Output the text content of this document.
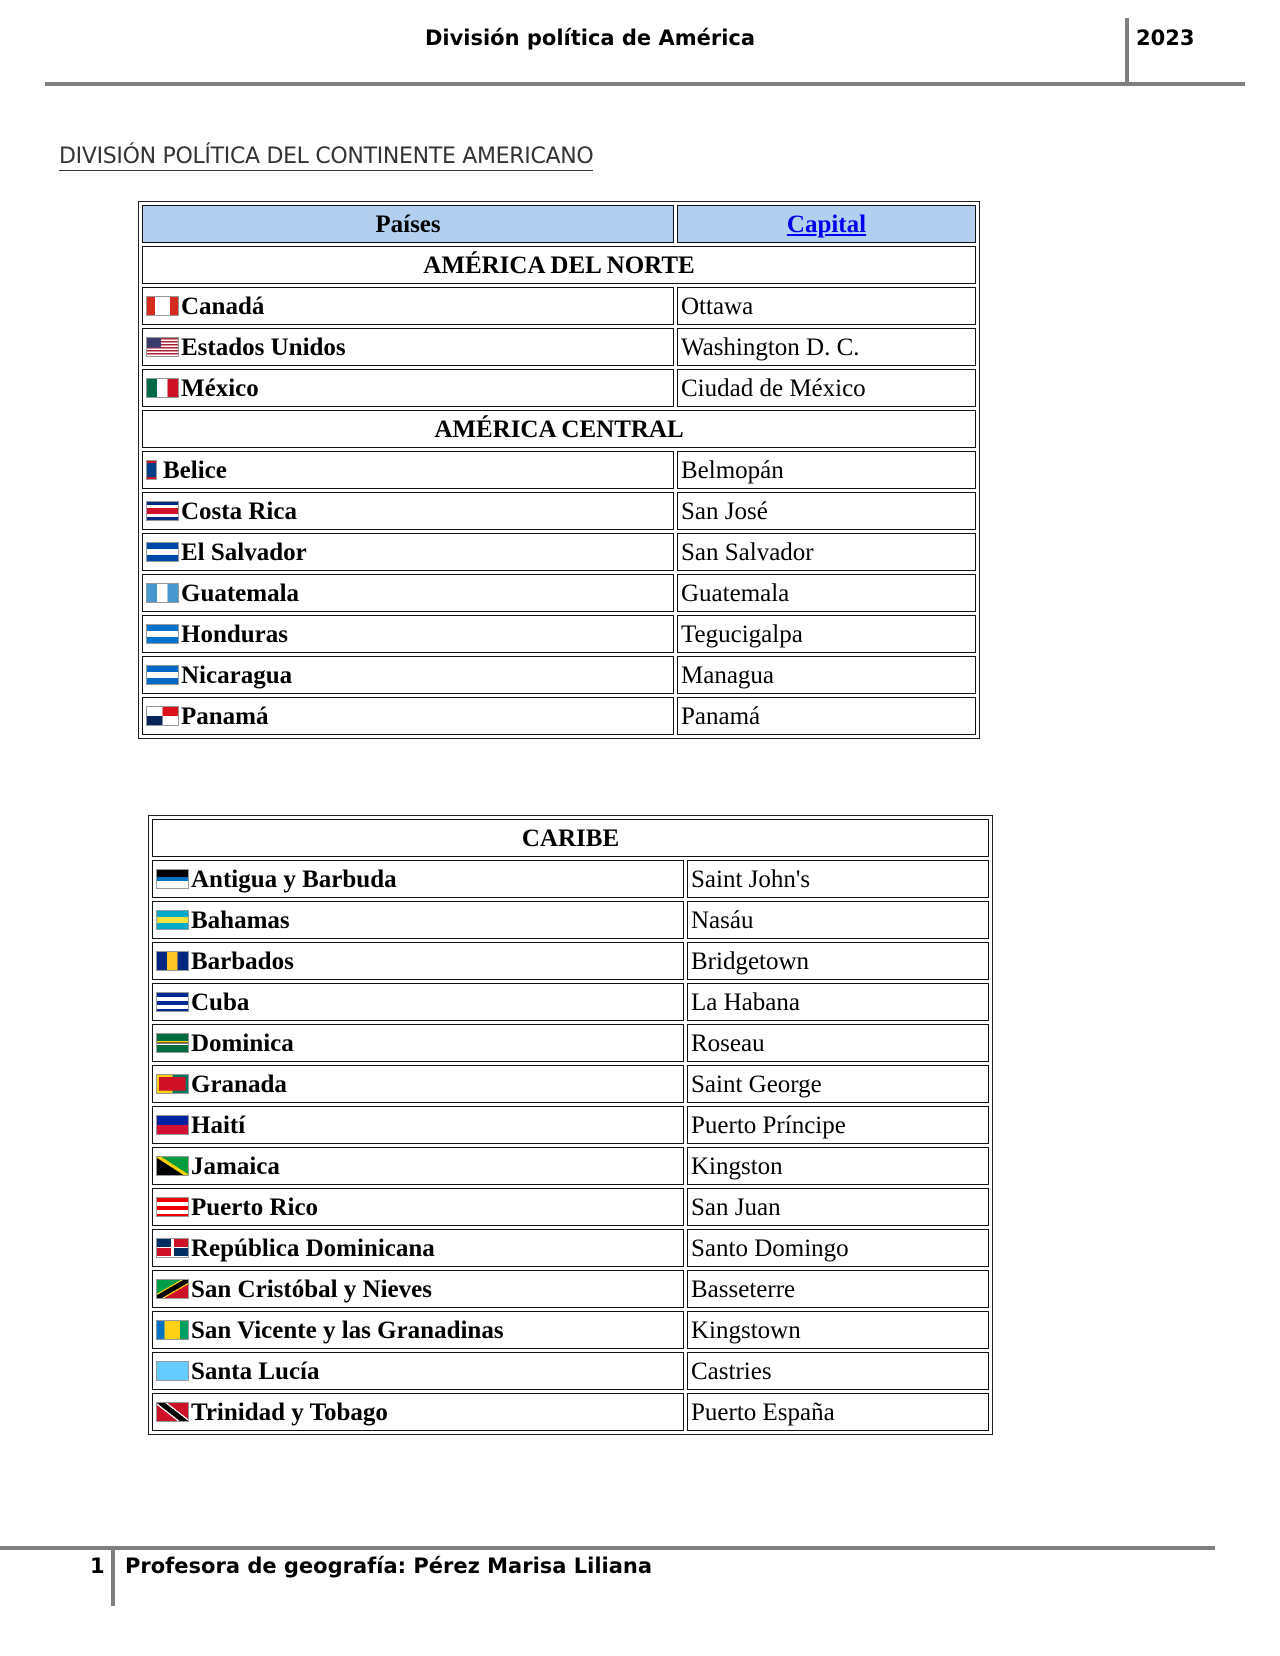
División política de América	2023
DIVISIÓN POLÍTICA DEL CONTINENTE AMERICANO
Países	Capital
AMÉRICA DEL NORTE	
Canadá	Ottawa
Estados Unidos	Washington D. C.
México	Ciudad de México
AMÉRICA CENTRAL	
Belice	Belmopán
Costa Rica	San José
El Salvador	San Salvador
Guatemala	Guatemala
Honduras	Tegucigalpa
Nicaragua	Managua
Panamá	Panamá
CARIBE	
Antigua y Barbuda	Saint John's
Bahamas	Nasáu
Barbados	Bridgetown
Cuba	La Habana
Dominica	Roseau
Granada	Saint George
Haití	Puerto Príncipe
Jamaica	Kingston
Puerto Rico	San Juan
República Dominicana	Santo Domingo
San Cristóbal y Nieves	Basseterre
San Vicente y las Granadinas	Kingstown
Santa Lucía	Castries
Trinidad y Tobago	Puerto España
1 Profesora de geografía: Pérez Marisa Liliana
